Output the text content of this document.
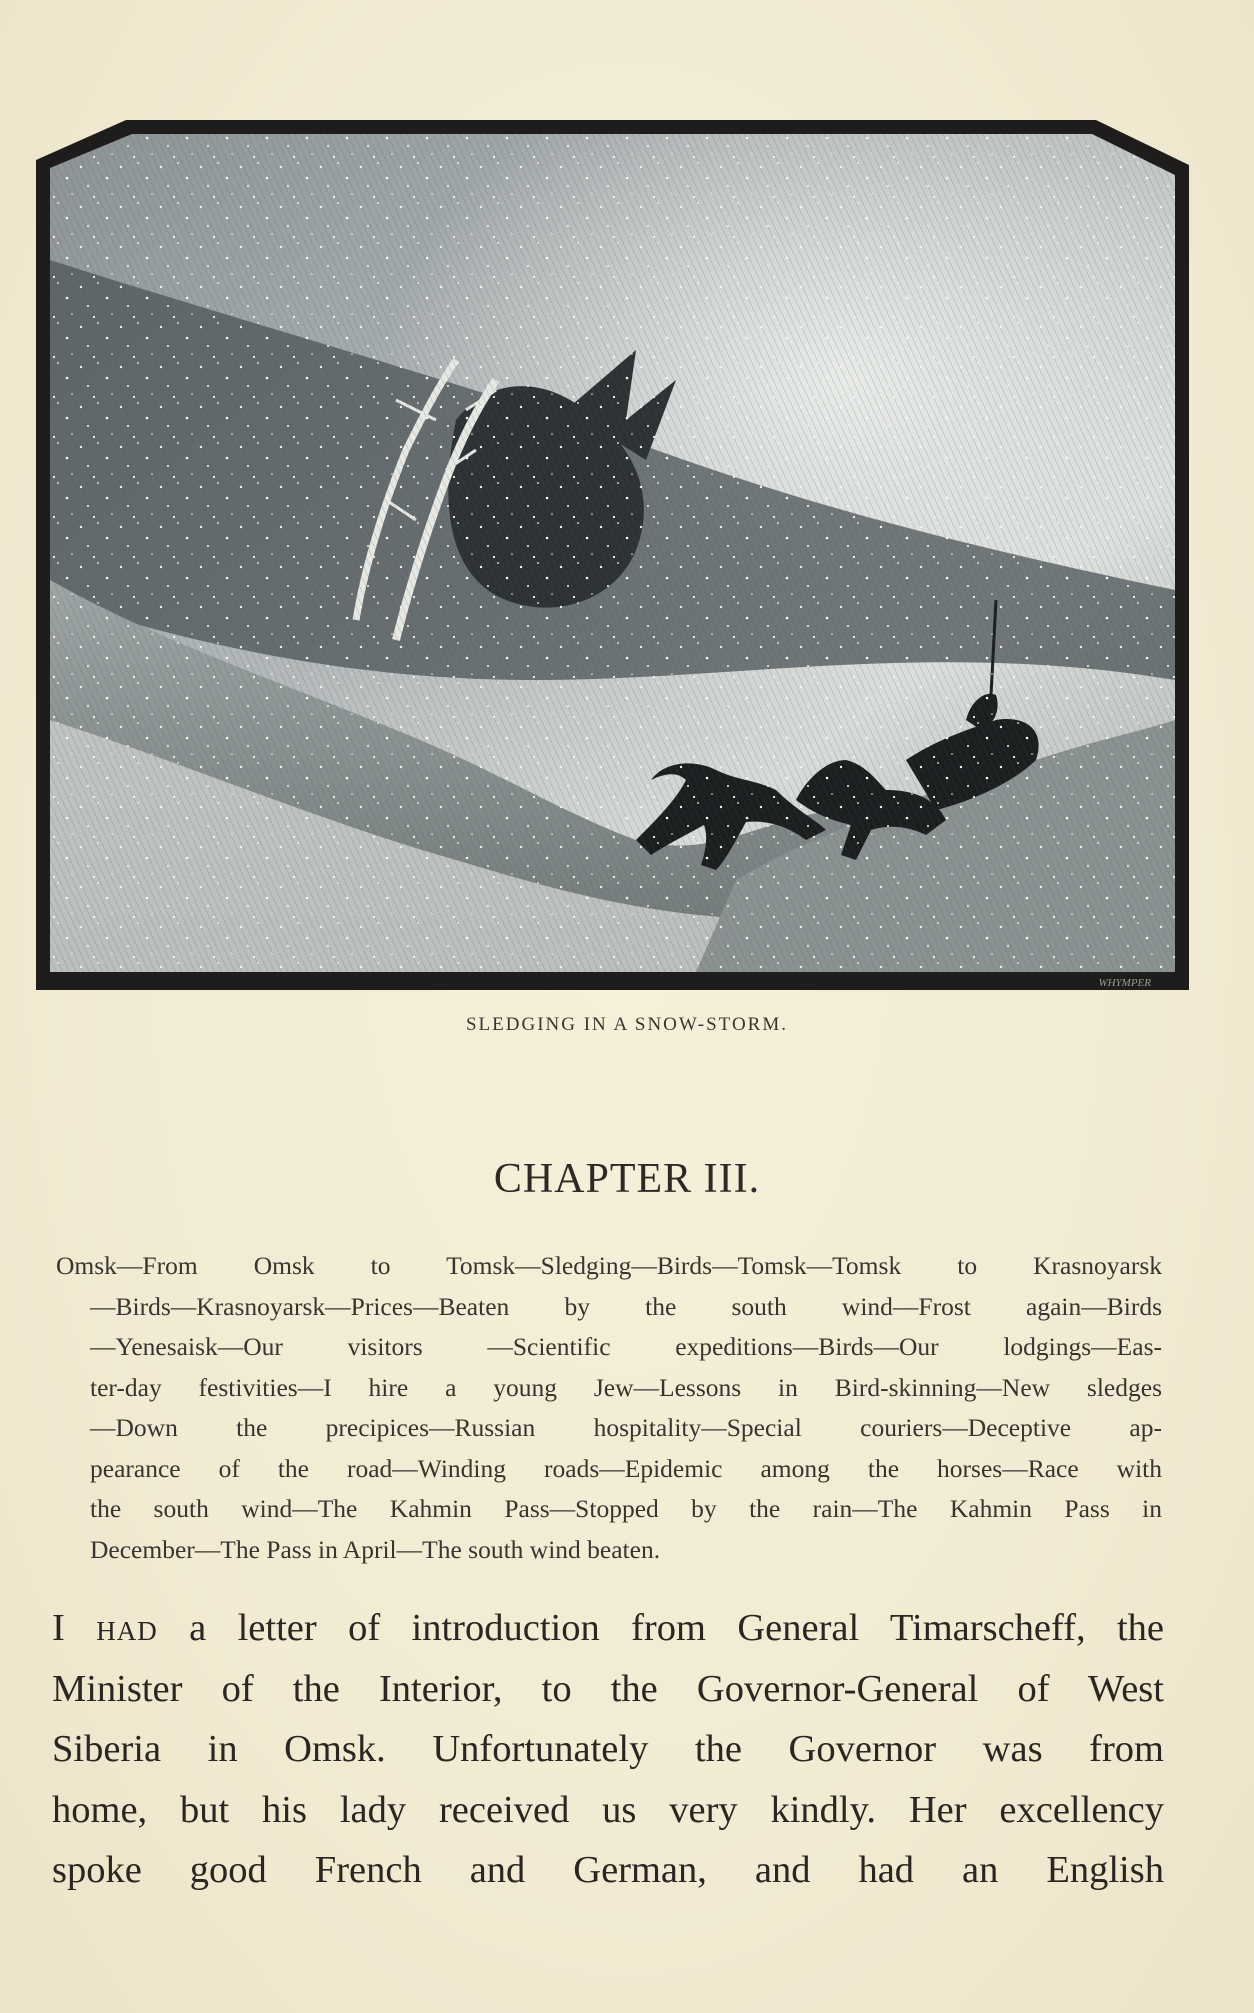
WHYMPER
SLEDGING IN A SNOW-STORM.
CHAPTER III.
Omsk—From Omsk to Tomsk—Sledging—Birds—Tomsk—Tomsk to Krasnoyarsk
—Birds—Krasnoyarsk—Prices—Beaten by the south wind—Frost again—Birds
—Yenesaisk—Our visitors —Scientific expeditions—Birds—Our lodgings—Eas-
ter-day festivities—I hire a young Jew—Lessons in Bird-skinning—New sledges
—Down the precipices—Russian hospitality—Special couriers—Deceptive ap-
pearance of the road—Winding roads—Epidemic among the horses—Race with
the south wind—The Kahmin Pass—Stopped by the rain—The Kahmin Pass in
December—The Pass in April—The south wind beaten.
I had a letter of introduction from General Timarscheff, the
Minister of the Interior, to the Governor-General of West
Siberia in Omsk. Unfortunately the Governor was from
home, but his lady received us very kindly. Her excellency
spoke good French and German, and had an English
